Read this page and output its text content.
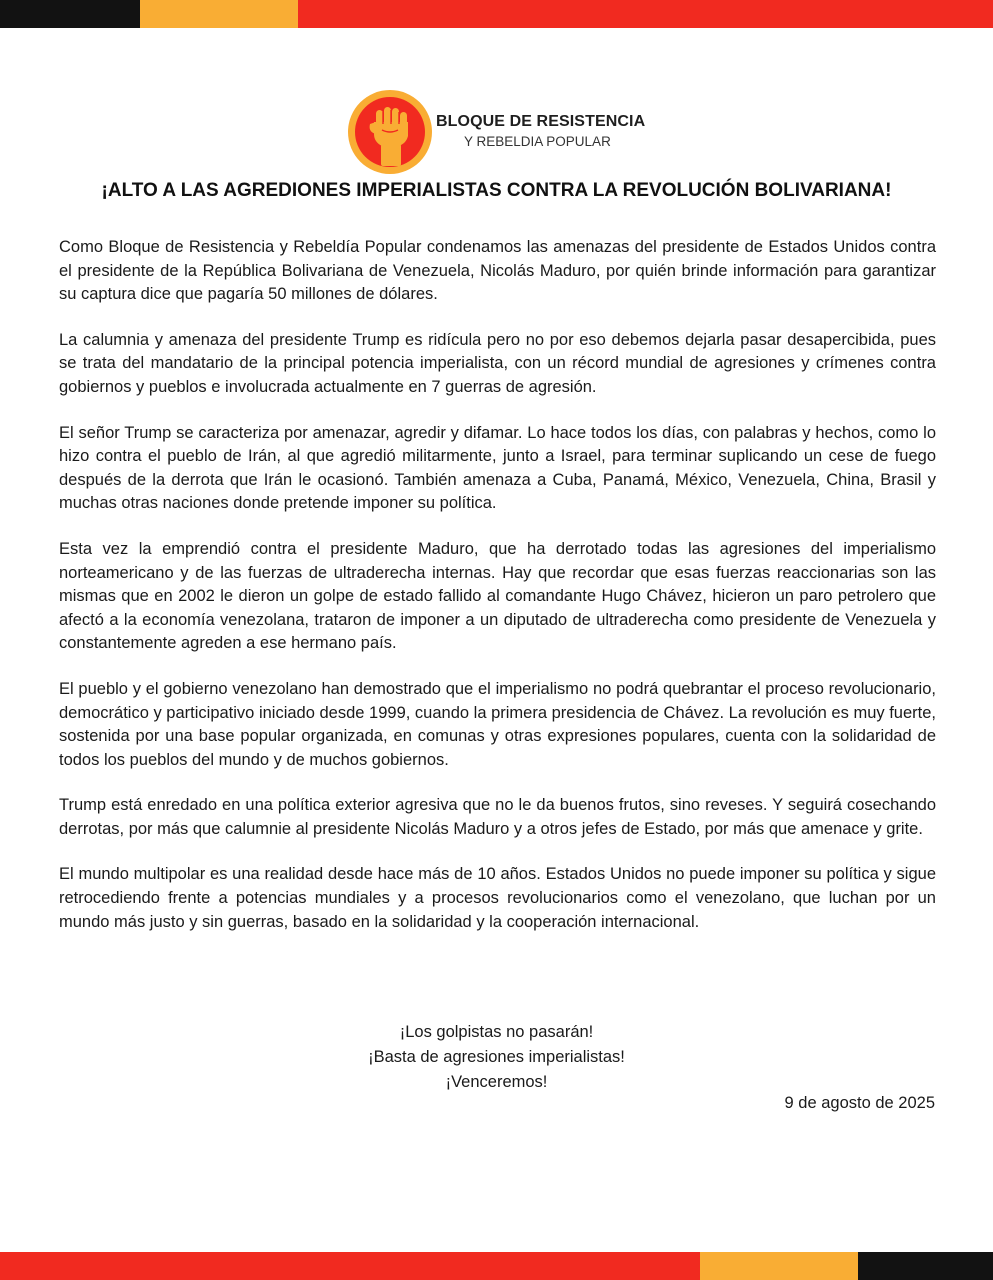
BLOQUE DE RESISTENCIA
Y REBELDIA POPULAR
¡ALTO A LAS AGREDIONES IMPERIALISTAS CONTRA LA REVOLUCIÓN BOLIVARIANA!

Como Bloque de Resistencia y Rebeldía Popular condenamos las amenazas del presidente de Estados Unidos contra el presidente de la República Bolivariana de Venezuela, Nicolás Maduro, por quién brinde información para garantizar su captura dice que pagaría 50 millones de dólares.

La calumnia y amenaza del presidente Trump es ridícula pero no por eso debemos dejarla pasar desapercibida, pues se trata del mandatario de la principal potencia imperialista, con un récord mundial de agresiones y crímenes contra gobiernos y pueblos e involucrada actualmente en 7 guerras de agresión.

El señor Trump se caracteriza por amenazar, agredir y difamar. Lo hace todos los días, con palabras y hechos, como lo hizo contra el pueblo de Irán, al que agredió militarmente, junto a Israel, para terminar suplicando un cese de fuego después de la derrota que Irán le ocasionó. También amenaza a Cuba, Panamá, México, Venezuela, China, Brasil y muchas otras naciones donde pretende imponer su política.

Esta vez la emprendió contra el presidente Maduro, que ha derrotado todas las agresiones del imperialismo norteamericano y de las fuerzas de ultraderecha internas. Hay que recordar que esas fuerzas reaccionarias son las mismas que en 2002 le dieron un golpe de estado fallido al comandante Hugo Chávez, hicieron un paro petrolero que afectó a la economía venezolana, trataron de imponer a un diputado de ultraderecha como presidente de Venezuela y constantemente agreden a ese hermano país.

El pueblo y el gobierno venezolano han demostrado que el imperialismo no podrá quebrantar el proceso revolucionario, democrático y participativo iniciado desde 1999, cuando la primera presidencia de Chávez. La revolución es muy fuerte, sostenida por una base popular organizada, en comunas y otras expresiones populares, cuenta con la solidaridad de todos los pueblos del mundo y de muchos gobiernos.

Trump está enredado en una política exterior agresiva que no le da buenos frutos, sino reveses. Y seguirá cosechando derrotas, por más que calumnie al presidente Nicolás Maduro y a otros jefes de Estado, por más que amenace y grite.

El mundo multipolar es una realidad desde hace más de 10 años. Estados Unidos no puede imponer su política y sigue retrocediendo frente a potencias mundiales y a procesos revolucionarios como el venezolano, que luchan por un mundo más justo y sin guerras, basado en la solidaridad y la cooperación internacional.

¡Los golpistas no pasarán!
¡Basta de agresiones imperialistas!
¡Venceremos!
9 de agosto de 2025
